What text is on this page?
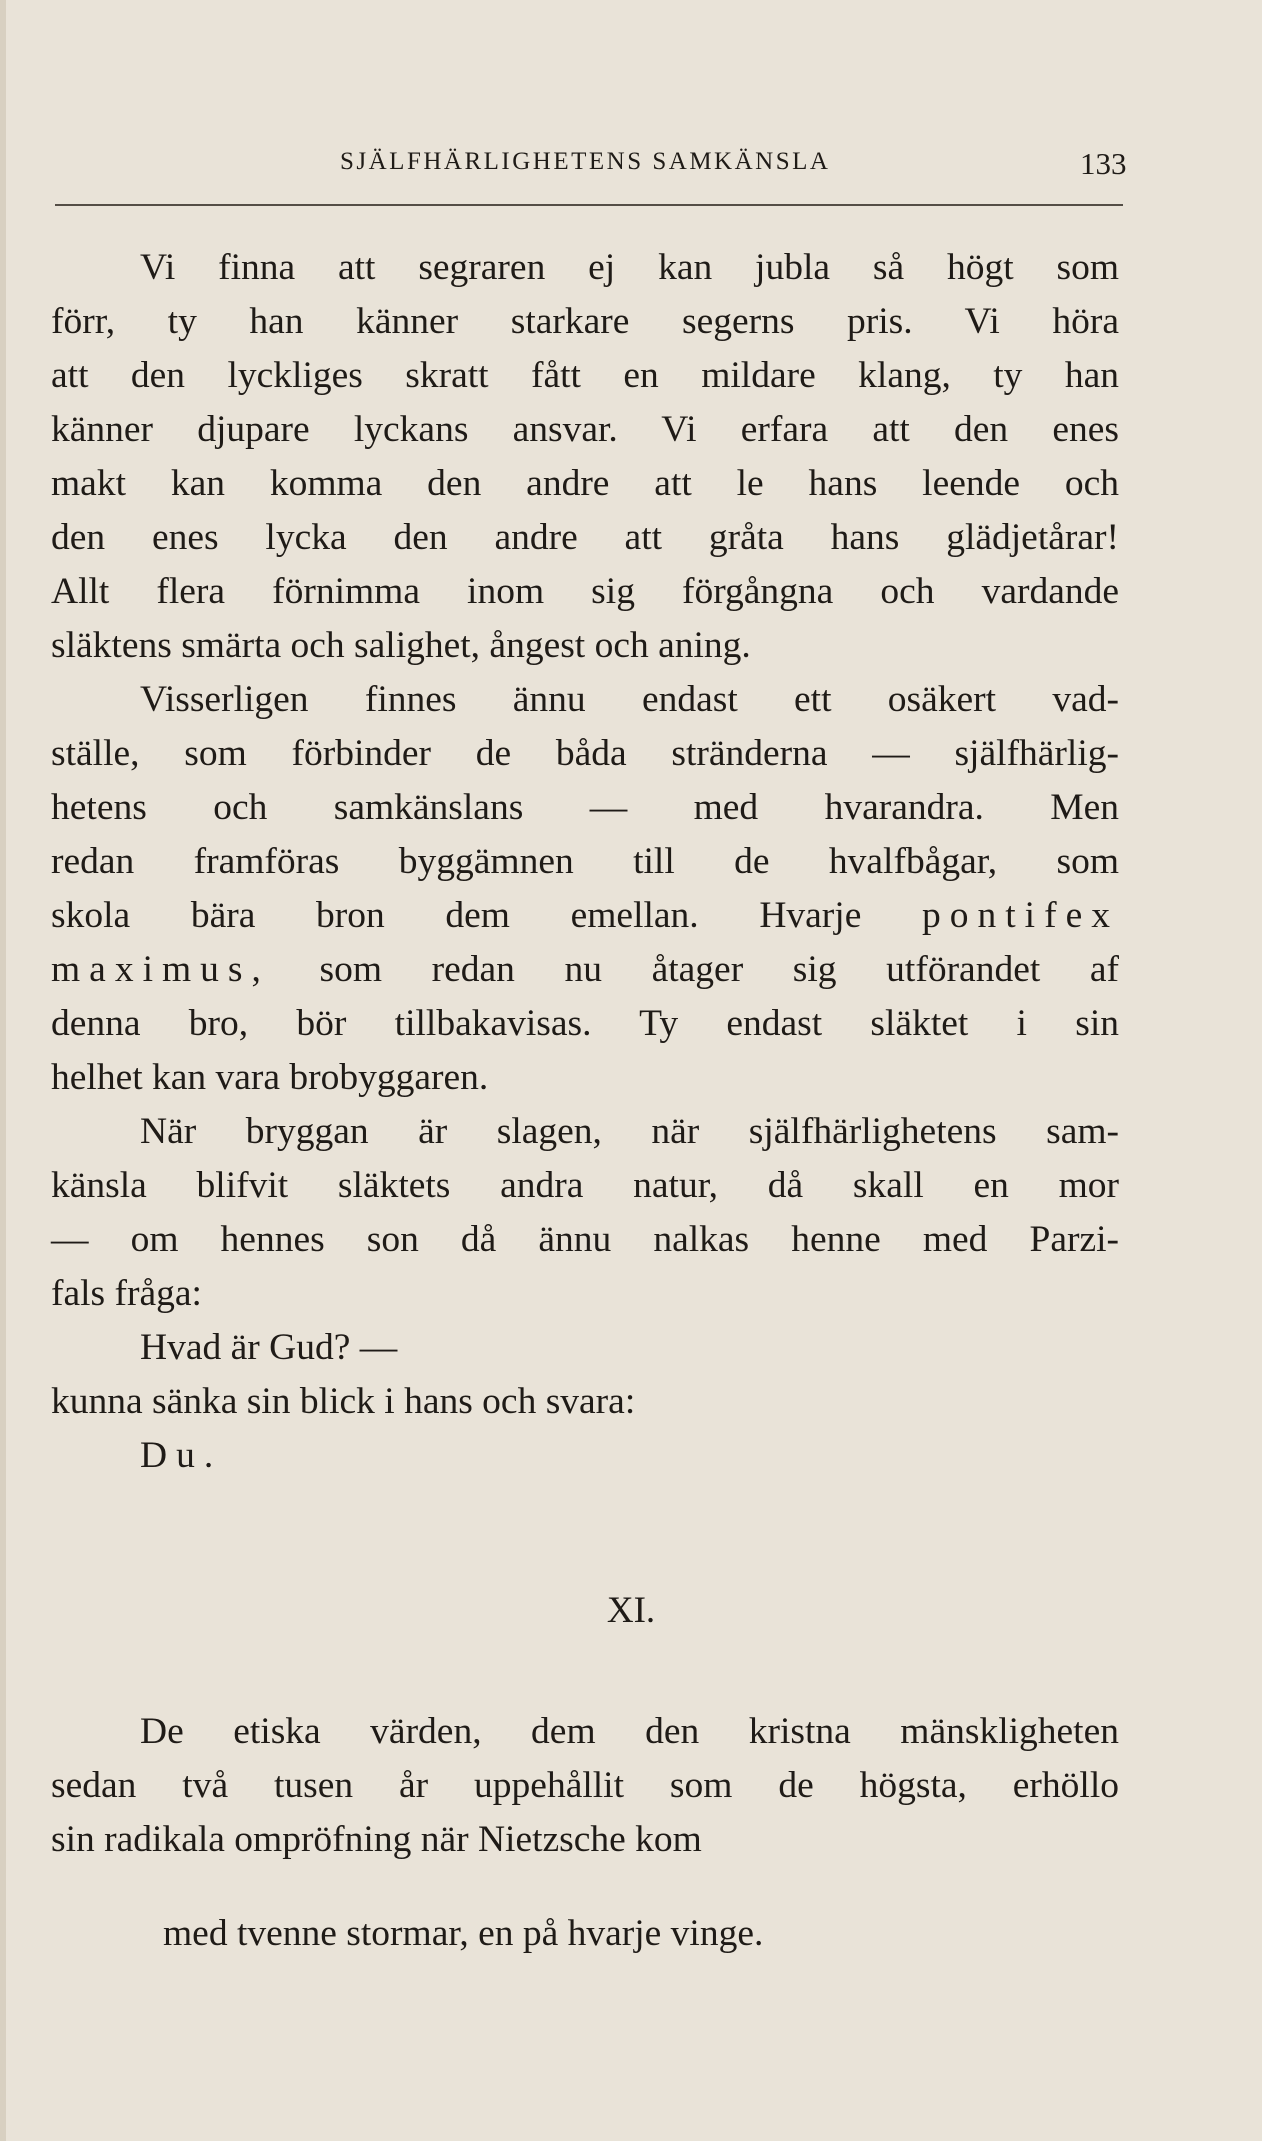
SJÄLFHÄRLIGHETENS SAMKÄNSLA	133
Vi finna att segraren ej kan jubla så högt som
förr, ty han känner starkare segerns pris. Vi höra
att den lyckliges skratt fått en mildare klang, ty han
känner djupare lyckans ansvar. Vi erfara att den enes
makt kan komma den andre att le hans leende och
den enes lycka den andre att gråta hans glädjetårar!
Allt flera förnimma inom sig förgångna och vardande
släktens smärta och salighet, ångest och aning.
Visserligen finnes ännu endast ett osäkert vad-
ställe, som förbinder de båda stränderna — själfhärlig-
hetens och samkänslans — med hvarandra. Men
redan framföras byggämnen till de hvalfbågar, som
skola bära bron dem emellan. Hvarje pontifex
maximus, som redan nu åtager sig utförandet af
denna bro, bör tillbakavisas. Ty endast släktet i sin
helhet kan vara brobyggaren.
När bryggan är slagen, när själfhärlighetens sam-
känsla blifvit släktets andra natur, då skall en mor
— om hennes son då ännu nalkas henne med Parzi-
fals fråga:
Hvad är Gud? —
kunna sänka sin blick i hans och svara:
Du.
XI.
De etiska värden, dem den kristna mänskligheten
sedan två tusen år uppehållit som de högsta, erhöllo
sin radikala ompröfning när Nietzsche kom
med tvenne stormar, en på hvarje vinge.
